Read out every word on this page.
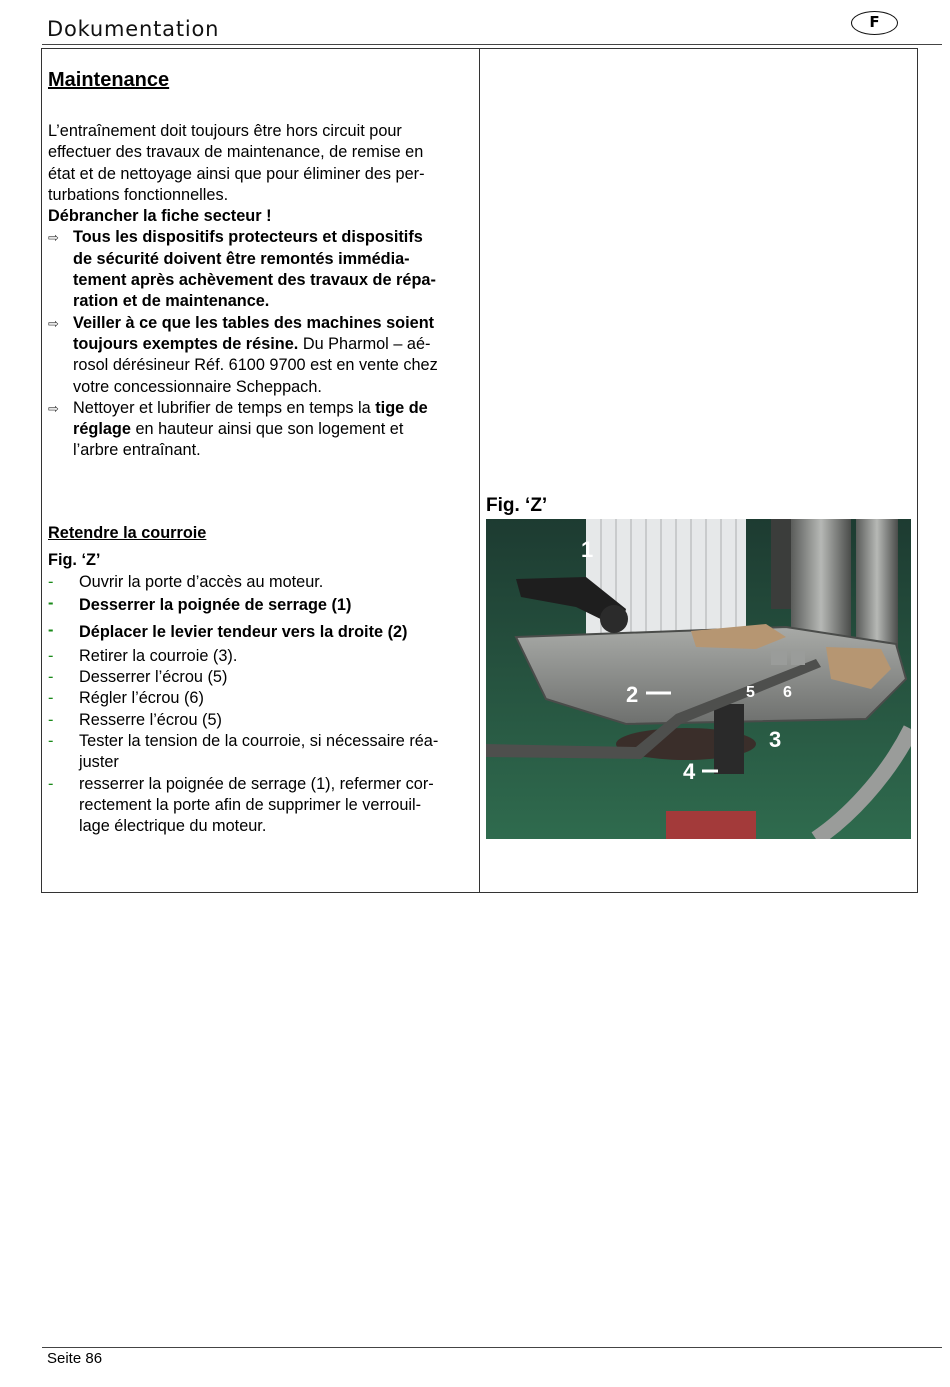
Dokumentation	F
Maintenance

L’entraînement doit toujours être hors circuit pour
effectuer des travaux de maintenance, de remise en
état et de nettoyage ainsi que pour éliminer des per-
turbations fonctionnelles.

Débrancher la fiche secteur !

⇨ Tous les dispositifs protecteurs et dispositifs
de sécurité doivent être remontés immédia-
tement après achèvement des travaux de répa-
ration et de maintenance.
⇨ Veiller à ce que les tables des machines soient
toujours exemptes de résine. Du Pharmol – aé-
rosol dérésineur Réf. 6100 9700 est en vente chez
votre concessionnaire Scheppach.
⇨ Nettoyer et lubrifier de temps en temps la tige de
réglage en hauteur ainsi que son logement et
l’arbre entraînant.
Retendre la courroie
Fig. ‘Z’
- Ouvrir la porte d’accès au moteur.
- Desserrer la poignée de serrage (1)
- Déplacer le levier tendeur vers la droite (2)
- Retirer la courroie (3).
- Desserrer l’écrou (5)
- Régler l’écrou (6)
- Resserre l’écrou (5)
- Tester la tension de la courroie, si nécessaire réa-
juster
- resserrer la poignée de serrage (1), refermer cor-
rectement la porte afin de supprimer le verrouil-
lage électrique du moteur.
Fig. ‘Z’
1
2
3
4
5 6
Seite 86
